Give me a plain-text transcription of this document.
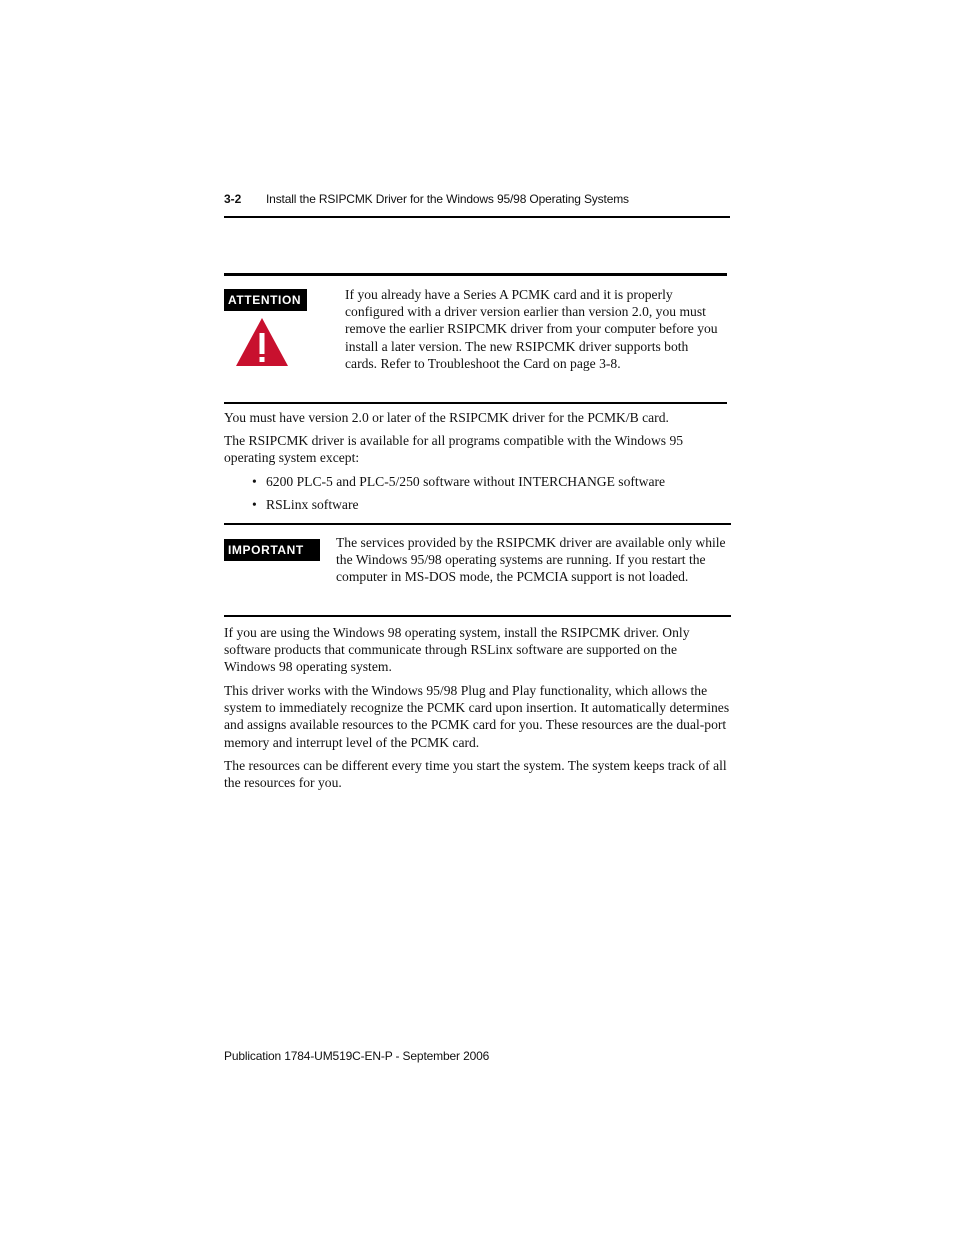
3-2 Install the RSIPCMK Driver for the Windows 95/98 Operating Systems
ATTENTION	If you already have a Series A PCMK card and it is properly configured with a driver version earlier than version 2.0, you must remove the earlier RSIPCMK driver from your computer before you install a later version. The new RSIPCMK driver supports both cards. Refer to Troubleshoot the Card on page 3-8.

You must have version 2.0 or later of the RSIPCMK driver for the PCMK/B card.

The RSIPCMK driver is available for all programs compatible with the Windows 95 operating system except:

• 6200 PLC-5 and PLC-5/250 software without INTERCHANGE software
• RSLinx software
IMPORTANT	The services provided by the RSIPCMK driver are available only while the Windows 95/98 operating systems are running. If you restart the computer in MS-DOS mode, the PCMCIA support is not loaded.

If you are using the Windows 98 operating system, install the RSIPCMK driver. Only software products that communicate through RSLinx software are supported on the Windows 98 operating system.

This driver works with the Windows 95/98 Plug and Play functionality, which allows the system to immediately recognize the PCMK card upon insertion. It automatically determines and assigns available resources to the PCMK card for you. These resources are the dual-port memory and interrupt level of the PCMK card.

The resources can be different every time you start the system. The system keeps track of all the resources for you.

Publication 1784-UM519C-EN-P - September 2006
